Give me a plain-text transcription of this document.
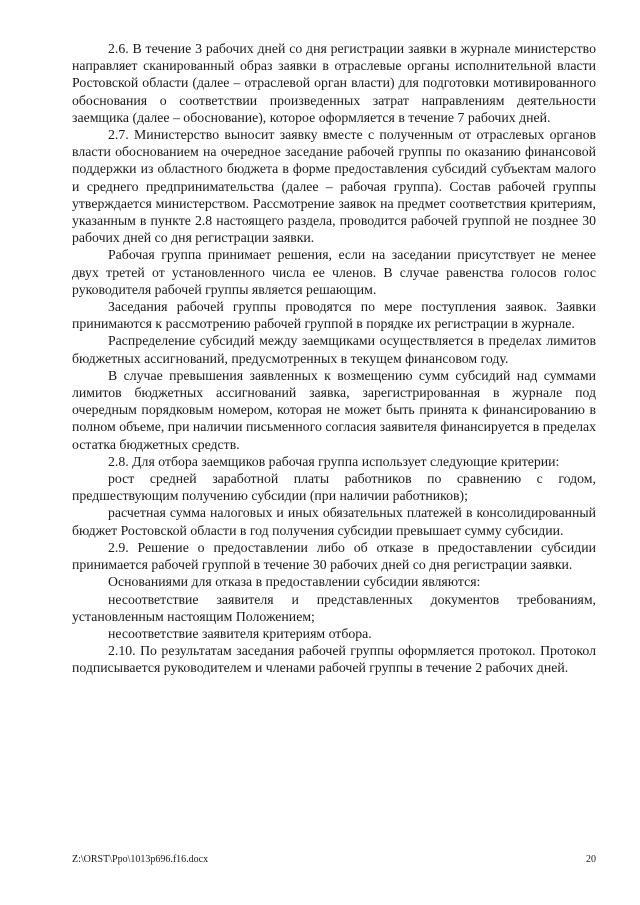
2.6. В течение 3 рабочих дней со дня регистрации заявки в журнале министерство направляет сканированный образ заявки в отраслевые органы исполнительной власти Ростовской области (далее – отраслевой орган власти) для подготовки мотивированного обоснования о соответствии произведенных затрат направлениям деятельности заемщика (далее – обоснование), которое оформляется в течение 7 рабочих дней.

2.7. Министерство выносит заявку вместе с полученным от отраслевых органов власти обоснованием на очередное заседание рабочей группы по оказанию финансовой поддержки из областного бюджета в форме предоставления субсидий субъектам малого и среднего предпринимательства (далее – рабочая группа). Состав рабочей группы утверждается министерством. Рассмотрение заявок на предмет соответствия критериям, указанным в пункте 2.8 настоящего раздела, проводится рабочей группой не позднее 30 рабочих дней со дня регистрации заявки.

Рабочая группа принимает решения, если на заседании присутствует не менее двух третей от установленного числа ее членов. В случае равенства голосов голос руководителя рабочей группы является решающим.

Заседания рабочей группы проводятся по мере поступления заявок. Заявки принимаются к рассмотрению рабочей группой в порядке их регистрации в журнале.

Распределение субсидий между заемщиками осуществляется в пределах лимитов бюджетных ассигнований, предусмотренных в текущем финансовом году.

В случае превышения заявленных к возмещению сумм субсидий над суммами лимитов бюджетных ассигнований заявка, зарегистрированная в журнале под очередным порядковым номером, которая не может быть принята к финансированию в полном объеме, при наличии письменного согласия заявителя финансируется в пределах остатка бюджетных средств.

2.8. Для отбора заемщиков рабочая группа использует следующие критерии:

рост средней заработной платы работников по сравнению с годом, предшествующим получению субсидии (при наличии работников);

расчетная сумма налоговых и иных обязательных платежей в консолидированный бюджет Ростовской области в год получения субсидии превышает сумму субсидии.

2.9. Решение о предоставлении либо об отказе в предоставлении субсидии принимается рабочей группой в течение 30 рабочих дней со дня регистрации заявки.

Основаниями для отказа в предоставлении субсидии являются:

несоответствие заявителя и представленных документов требованиям, установленным настоящим Положением;

несоответствие заявителя критериям отбора.

2.10. По результатам заседания рабочей группы оформляется протокол. Протокол подписывается руководителем и членами рабочей группы в течение 2 рабочих дней.

Z:\ORST\Ppo\1013p696.f16.docx	20
